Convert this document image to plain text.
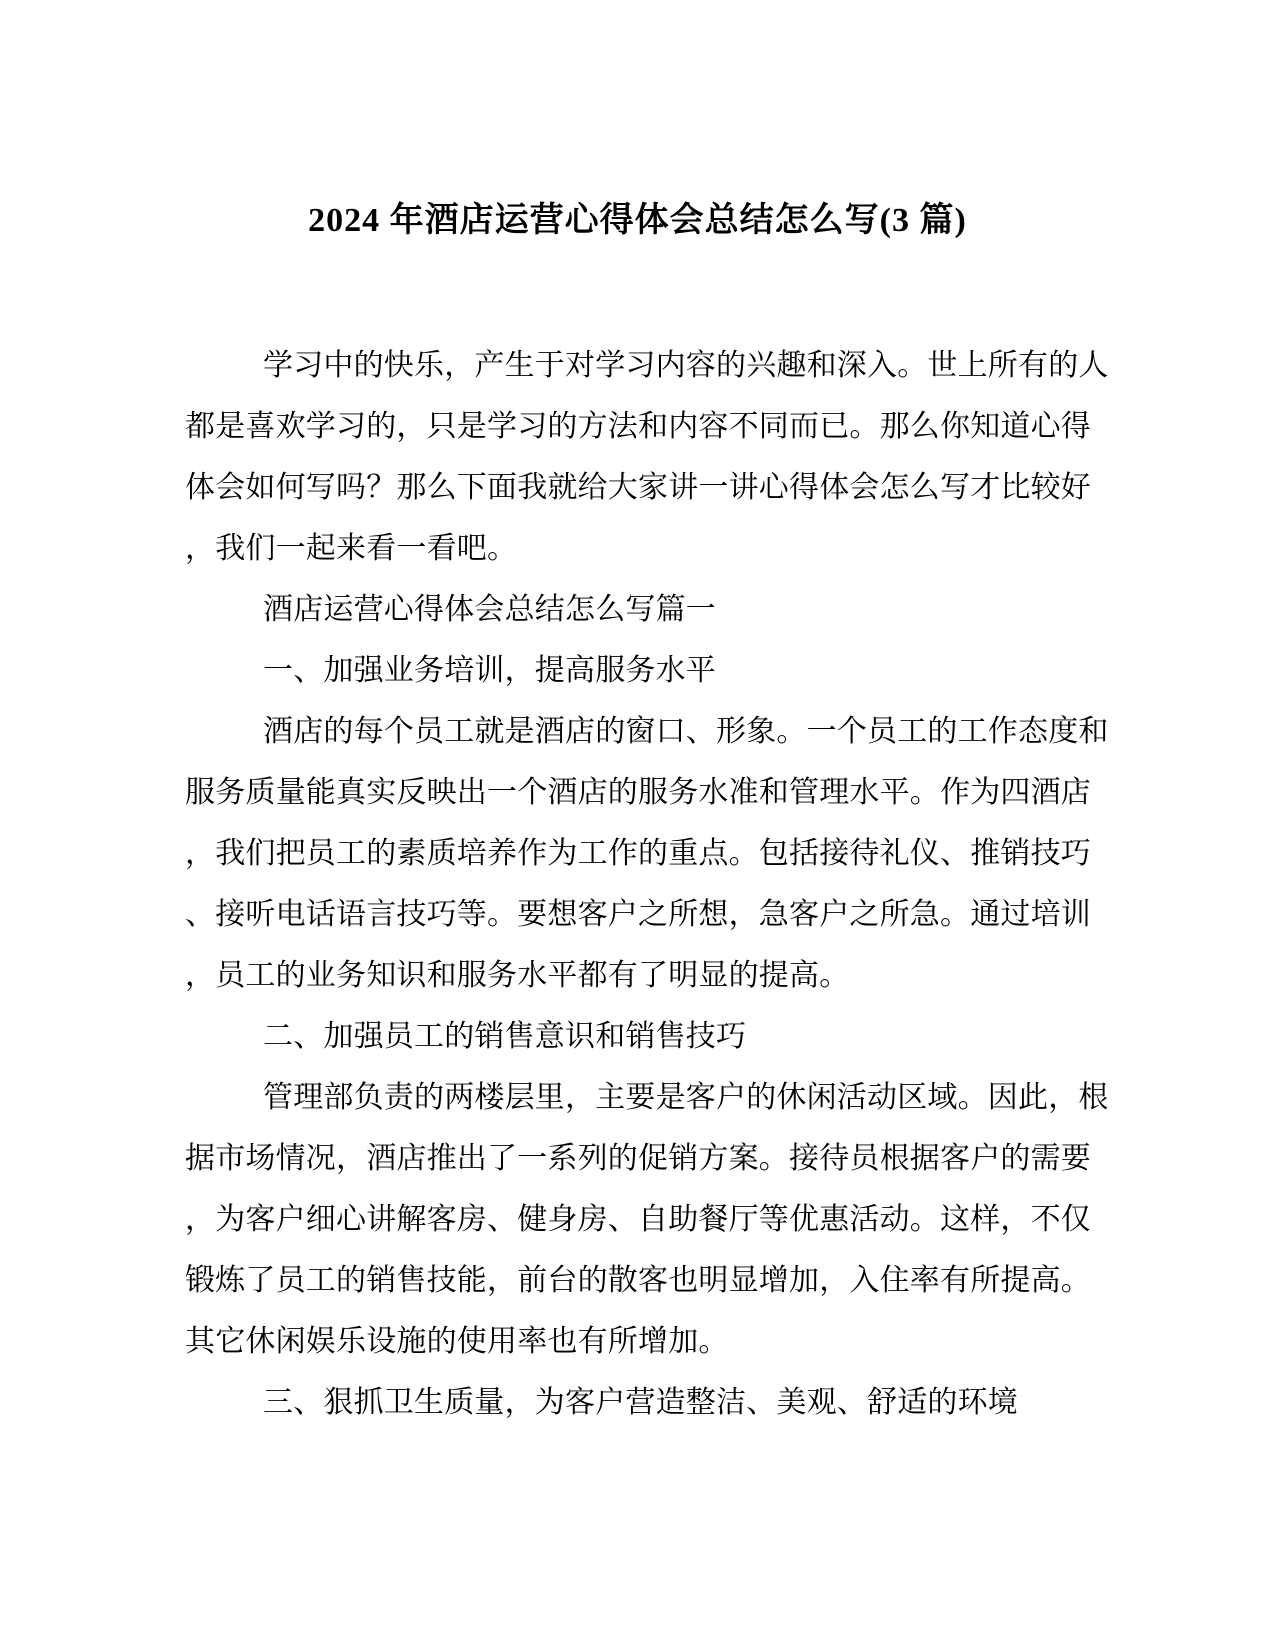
2024 年酒店运营心得体会总结怎么写(3 篇)

学习中的快乐，产生于对学习内容的兴趣和深入。世上所有的人

都是喜欢学习的，只是学习的方法和内容不同而已。那么你知道心得

体会如何写吗？那么下面我就给大家讲一讲心得体会怎么写才比较好

，我们一起来看一看吧。

酒店运营心得体会总结怎么写篇一

一、加强业务培训，提高服务水平

酒店的每个员工就是酒店的窗口、形象。一个员工的工作态度和

服务质量能真实反映出一个酒店的服务水准和管理水平。作为四酒店

，我们把员工的素质培养作为工作的重点。包括接待礼仪、推销技巧

、接听电话语言技巧等。要想客户之所想，急客户之所急。通过培训

，员工的业务知识和服务水平都有了明显的提高。

二、加强员工的销售意识和销售技巧

管理部负责的两楼层里，主要是客户的休闲活动区域。因此，根

据市场情况，酒店推出了一系列的促销方案。接待员根据客户的需要

，为客户细心讲解客房、健身房、自助餐厅等优惠活动。这样，不仅

锻炼了员工的销售技能，前台的散客也明显增加，入住率有所提高。

其它休闲娱乐设施的使用率也有所增加。

三、狠抓卫生质量，为客户营造整洁、美观、舒适的环境
